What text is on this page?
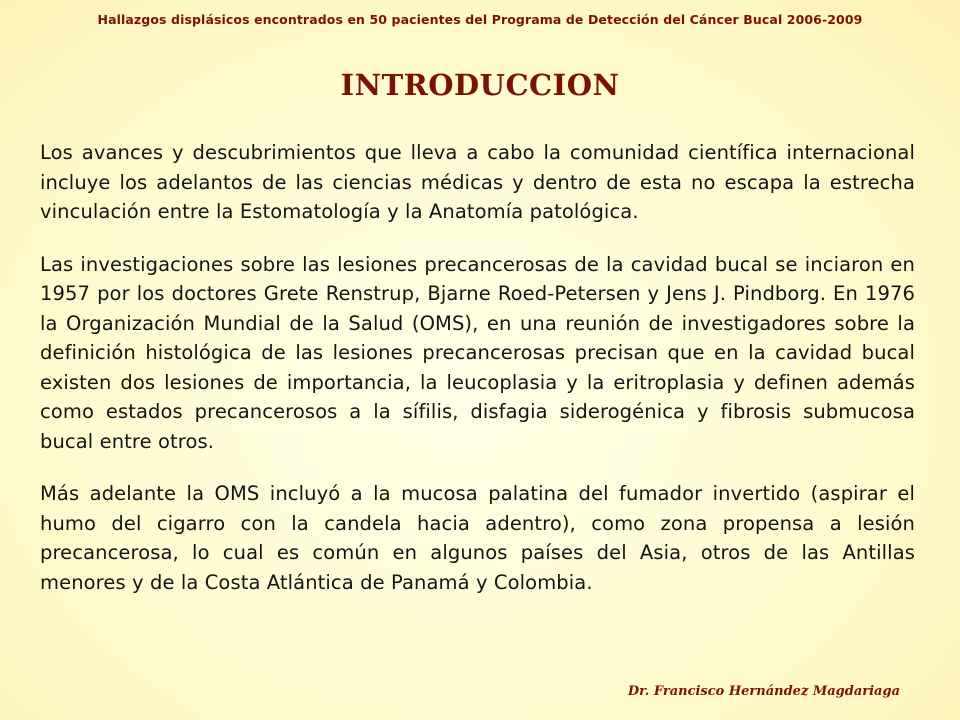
Hallazgos displásicos encontrados en 50 pacientes del Programa de Detección del Cáncer Bucal 2006-2009
INTRODUCCION

Los avances y descubrimientos que lleva a cabo la comunidad científica internacional incluye los adelantos de las ciencias médicas y dentro de esta no escapa la estrecha vinculación entre la Estomatología y la Anatomía patológica.

Las investigaciones sobre las lesiones precancerosas de la cavidad bucal se inciaron en 1957 por los doctores Grete Renstrup, Bjarne Roed-Petersen y Jens J. Pindborg. En 1976 la Organización Mundial de la Salud (OMS), en una reunión de investigadores sobre la definición histológica de las lesiones precancerosas precisan que en la cavidad bucal existen dos lesiones de importancia, la leucoplasia y la eritroplasia y definen además como estados precancerosos a la sífilis, disfagia siderogénica y fibrosis submucosa bucal entre otros.

Más adelante la OMS incluyó a la mucosa palatina del fumador invertido (aspirar el humo del cigarro con la candela hacia adentro), como zona propensa a lesión precancerosa, lo cual es común en algunos países del Asia, otros de las Antillas menores y de la Costa Atlántica de Panamá y Colombia.

Dr. Francisco Hernández Magdariaga
